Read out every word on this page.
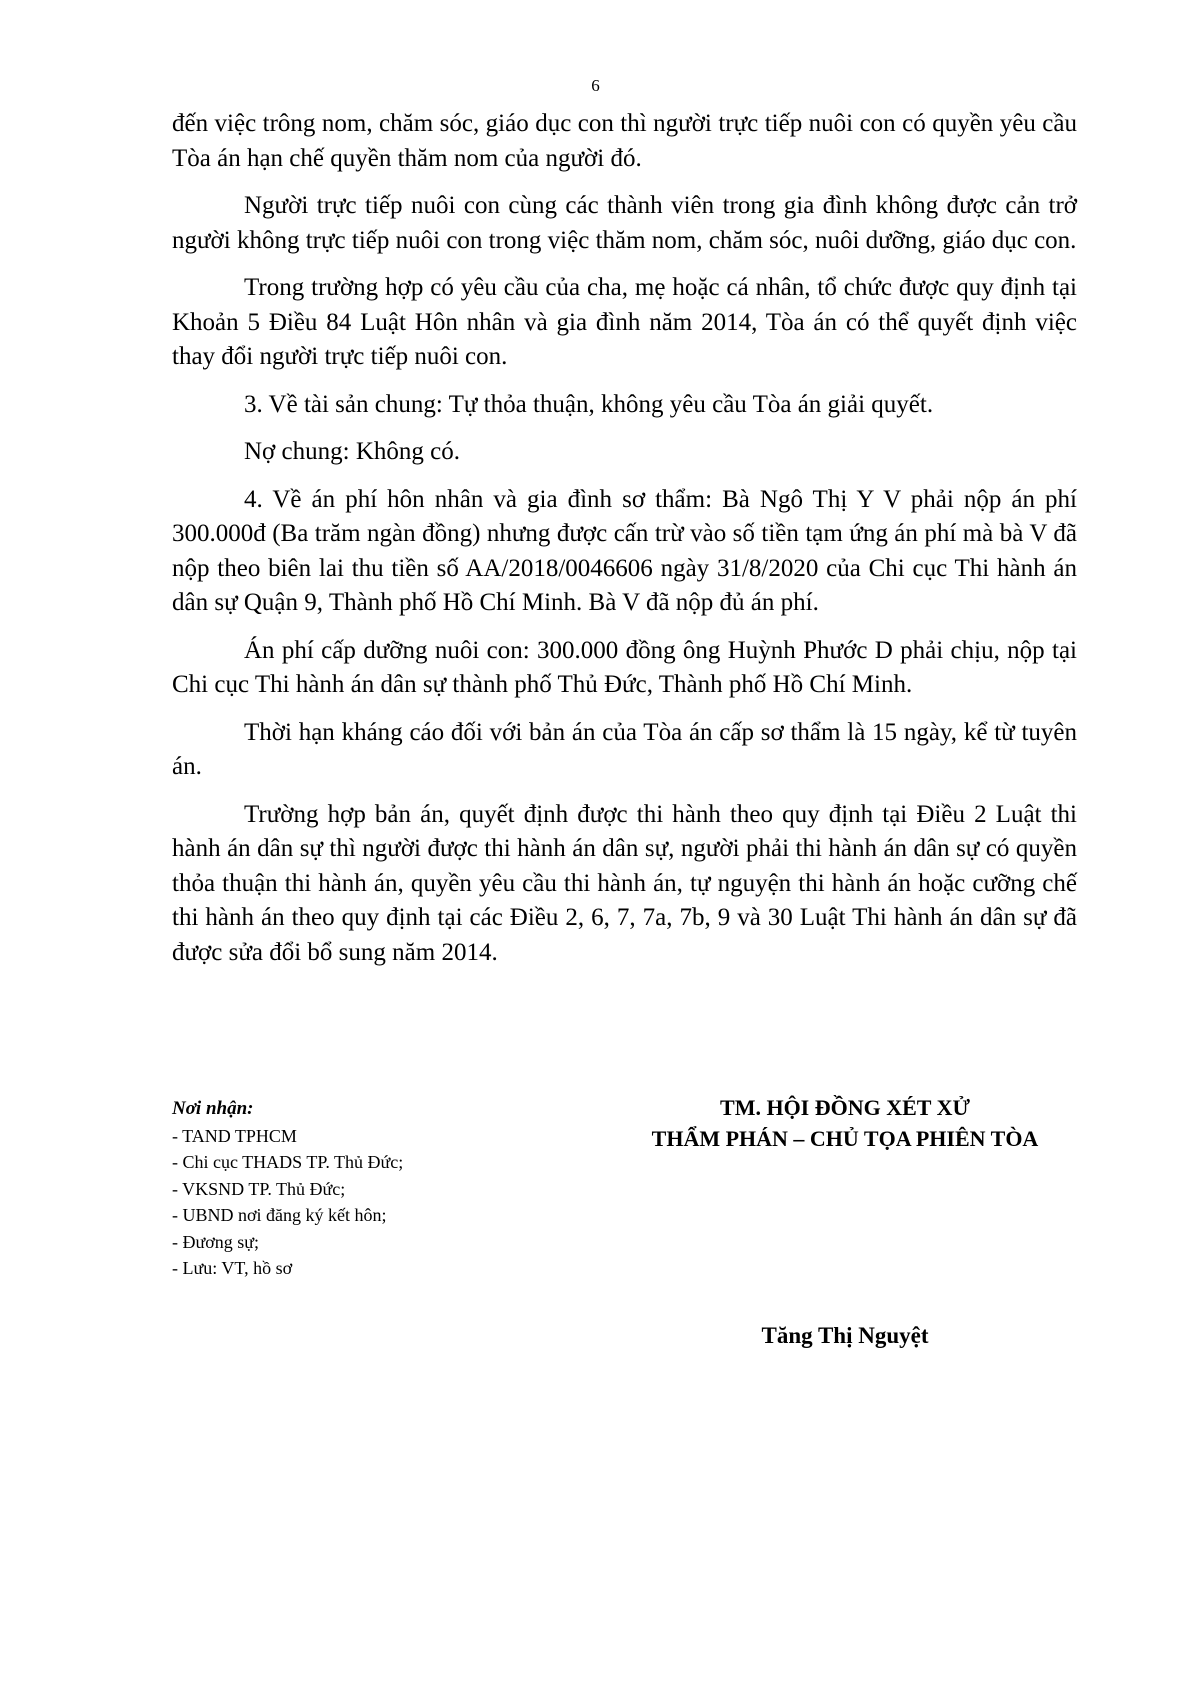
6

đến việc trông nom, chăm sóc, giáo dục con thì người trực tiếp nuôi con có quyền yêu cầu Tòa án hạn chế quyền thăm nom của người đó.

Người trực tiếp nuôi con cùng các thành viên trong gia đình không được cản trở người không trực tiếp nuôi con trong việc thăm nom, chăm sóc, nuôi dưỡng, giáo dục con.

Trong trường hợp có yêu cầu của cha, mẹ hoặc cá nhân, tổ chức được quy định tại Khoản 5 Điều 84 Luật Hôn nhân và gia đình năm 2014, Tòa án có thể quyết định việc thay đổi người trực tiếp nuôi con.

3. Về tài sản chung: Tự thỏa thuận, không yêu cầu Tòa án giải quyết.

Nợ chung: Không có.

4. Về án phí hôn nhân và gia đình sơ thẩm: Bà Ngô Thị Y V phải nộp án phí 300.000đ (Ba trăm ngàn đồng) nhưng được cấn trừ vào số tiền tạm ứng án phí mà bà V đã nộp theo biên lai thu tiền số AA/2018/0046606 ngày 31/8/2020 của Chi cục Thi hành án dân sự Quận 9, Thành phố Hồ Chí Minh. Bà V đã nộp đủ án phí.

Án phí cấp dưỡng nuôi con: 300.000 đồng ông Huỳnh Phước D phải chịu, nộp tại Chi cục Thi hành án dân sự thành phố Thủ Đức, Thành phố Hồ Chí Minh.

Thời hạn kháng cáo đối với bản án của Tòa án cấp sơ thẩm là 15 ngày, kể từ tuyên án.

Trường hợp bản án, quyết định được thi hành theo quy định tại Điều 2 Luật thi hành án dân sự thì người được thi hành án dân sự, người phải thi hành án dân sự có quyền thỏa thuận thi hành án, quyền yêu cầu thi hành án, tự nguyện thi hành án hoặc cưỡng chế thi hành án theo quy định tại các Điều 2, 6, 7, 7a, 7b, 9 và 30 Luật Thi hành án dân sự đã được sửa đổi bổ sung năm 2014.

Nơi nhận:
- TAND TPHCM
- Chi cục THADS TP. Thủ Đức;
- VKSND TP. Thủ Đức;
- UBND nơi đăng ký kết hôn;
- Đương sự;
- Lưu: VT, hồ sơ
TM. HỘI ĐỒNG XÉT XỬ
THẨM PHÁN – CHỦ TỌA PHIÊN TÒA
Tăng Thị Nguyệt
